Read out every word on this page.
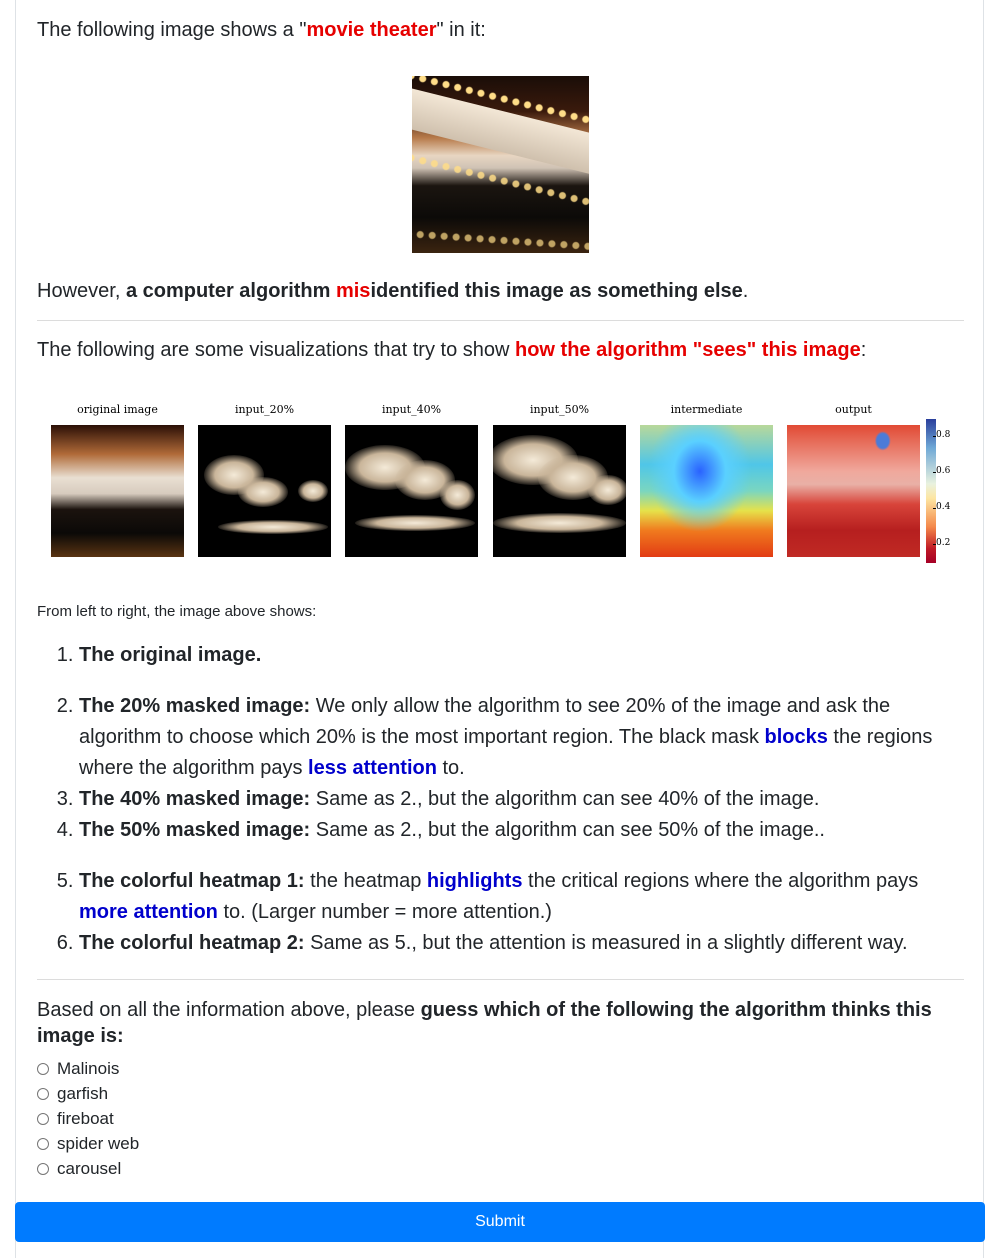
The following image shows a "movie theater" in it:
However, a computer algorithm misidentified this image as something else.
The following are some visualizations that try to show how the algorithm "sees" this image:
original image	input_20%	input_40%	input_50%	intermediate	output
0.8
0.6
0.4
0.2
From left to right, the image above shows:
1. The original image.
2. The 20% masked image: We only allow the algorithm to see 20% of the image and ask the algorithm to choose which 20% is the most important region. The black mask blocks the regions where the algorithm pays less attention to.
3. The 40% masked image: Same as 2., but the algorithm can see 40% of the image.
4. The 50% masked image: Same as 2., but the algorithm can see 50% of the image..
5. The colorful heatmap 1: the heatmap highlights the critical regions where the algorithm pays more attention to. (Larger number = more attention.)
6. The colorful heatmap 2: Same as 5., but the attention is measured in a slightly different way.
Based on all the information above, please guess which of the following the algorithm thinks this image is:
Malinois
garfish
fireboat
spider web
carousel
Submit
